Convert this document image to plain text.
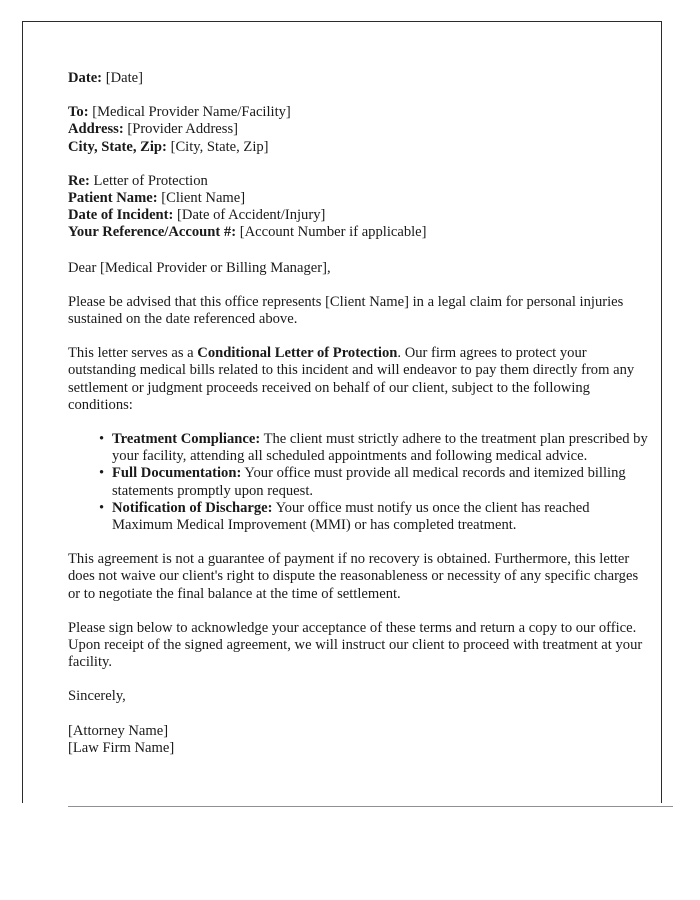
Date: [Date]
To: [Medical Provider Name/Facility]
Address: [Provider Address]
City, State, Zip: [City, State, Zip]
Re: Letter of Protection
Patient Name: [Client Name]
Date of Incident: [Date of Accident/Injury]
Your Reference/Account #: [Account Number if applicable]

Dear [Medical Provider or Billing Manager],

Please be advised that this office represents [Client Name] in a legal claim for personal injuries sustained on the date referenced above.

This letter serves as a Conditional Letter of Protection. Our firm agrees to protect your outstanding medical bills related to this incident and will endeavor to pay them directly from any settlement or judgment proceeds received on behalf of our client, subject to the following conditions:

• Treatment Compliance: The client must strictly adhere to the treatment plan prescribed by your facility, attending all scheduled appointments and following medical advice.
• Full Documentation: Your office must provide all medical records and itemized billing statements promptly upon request.
• Notification of Discharge: Your office must notify us once the client has reached Maximum Medical Improvement (MMI) or has completed treatment.

This agreement is not a guarantee of payment if no recovery is obtained. Furthermore, this letter does not waive our client's right to dispute the reasonableness or necessity of any specific charges or to negotiate the final balance at the time of settlement.

Please sign below to acknowledge your acceptance of these terms and return a copy to our office. Upon receipt of the signed agreement, we will instruct our client to proceed with treatment at your facility.

Sincerely,

[Attorney Name]
[Law Firm Name]
